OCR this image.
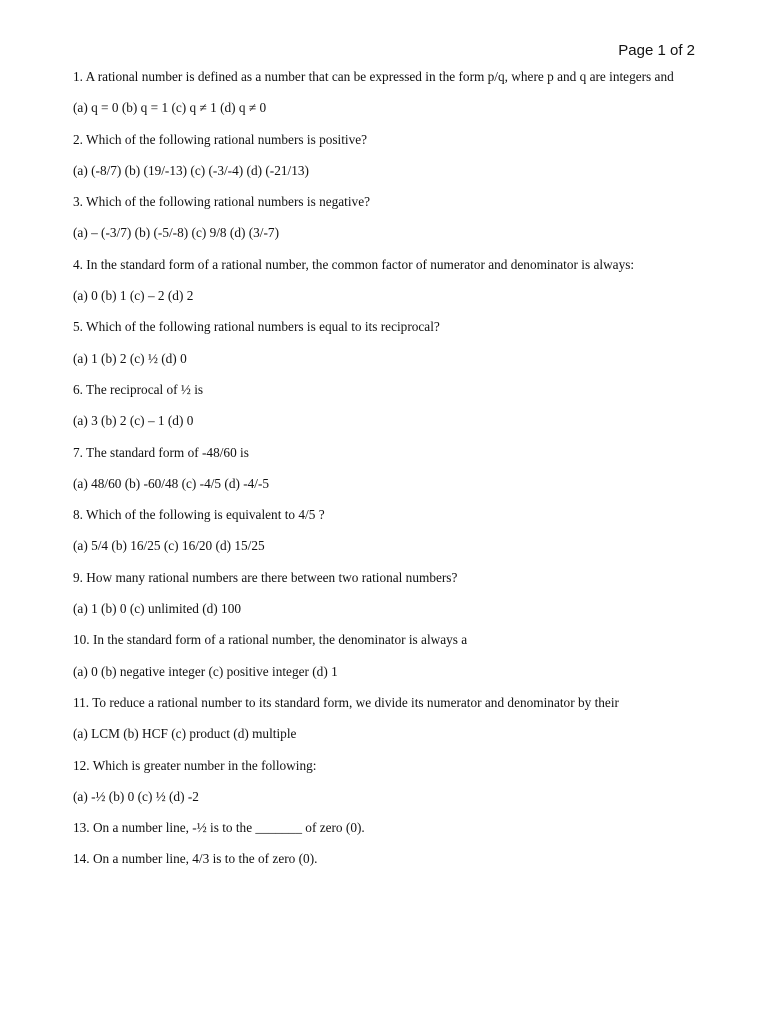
Page 1 of 2

1. A rational number is defined as a number that can be expressed in the form p/q, where p and q are integers and

(a) q = 0 (b) q = 1 (c) q ≠ 1 (d) q ≠ 0

2. Which of the following rational numbers is positive?

(a) (-8/7) (b) (19/-13) (c) (-3/-4) (d) (-21/13)

3. Which of the following rational numbers is negative?

(a) – (-3/7) (b) (-5/-8) (c) 9/8 (d) (3/-7)

4. In the standard form of a rational number, the common factor of numerator and denominator is always:

(a) 0 (b) 1 (c) – 2 (d) 2

5. Which of the following rational numbers is equal to its reciprocal?

(a) 1 (b) 2 (c) ½ (d) 0

6. The reciprocal of ½ is

(a) 3 (b) 2 (c) – 1 (d) 0

7. The standard form of -48/60 is

(a) 48/60 (b) -60/48 (c) -4/5 (d) -4/-5

8. Which of the following is equivalent to 4/5 ?

(a) 5/4 (b) 16/25 (c) 16/20 (d) 15/25

9. How many rational numbers are there between two rational numbers?

(a) 1 (b) 0 (c) unlimited (d) 100

10. In the standard form of a rational number, the denominator is always a

(a) 0 (b) negative integer (c) positive integer (d) 1

11. To reduce a rational number to its standard form, we divide its numerator and denominator by their

(a) LCM (b) HCF (c) product (d) multiple

12. Which is greater number in the following:

(a) -½ (b) 0 (c) ½ (d) -2

13. On a number line, -½ is to the _______ of zero (0).

14. On a number line, 4/3 is to the of zero (0).
